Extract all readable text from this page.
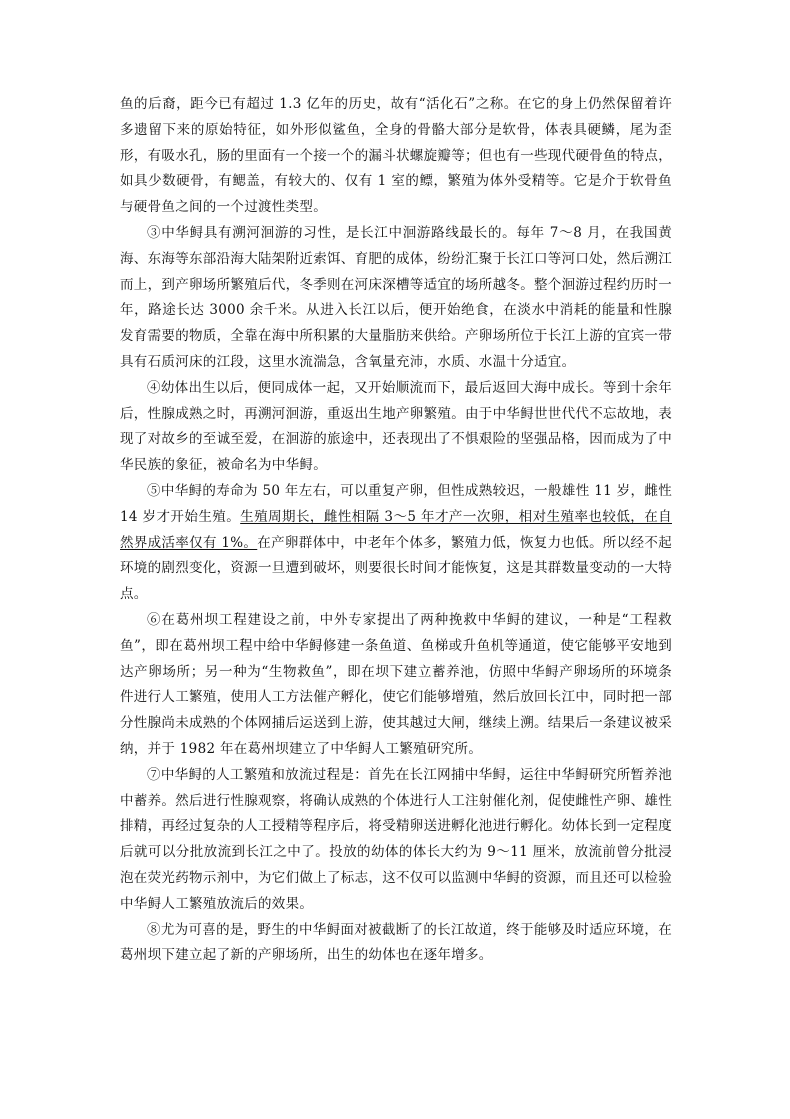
鱼的后裔，距今已有超过 1.3 亿年的历史，故有“活化石”之称。在它的身上仍然保留着许多遗留下来的原始特征，如外形似鲨鱼，全身的骨骼大部分是软骨，体表具硬鳞，尾为歪形，有吸水孔，肠的里面有一个接一个的漏斗状螺旋瓣等；但也有一些现代硬骨鱼的特点，如具少数硬骨，有鳃盖，有较大的、仅有 1 室的鳔，繁殖为体外受精等。它是介于软骨鱼与硬骨鱼之间的一个过渡性类型。

③中华鲟具有溯河洄游的习性，是长江中洄游路线最长的。每年 7～8 月，在我国黄海、东海等东部沿海大陆架附近索饵、育肥的成体，纷纷汇聚于长江口等河口处，然后溯江而上，到产卵场所繁殖后代，冬季则在河床深槽等适宜的场所越冬。整个洄游过程约历时一年，路途长达 3000 余千米。从进入长江以后，便开始绝食，在淡水中消耗的能量和性腺发育需要的物质，全靠在海中所积累的大量脂肪来供给。产卵场所位于长江上游的宜宾一带具有石质河床的江段，这里水流湍急，含氧量充沛，水质、水温十分适宜。

④幼体出生以后，便同成体一起，又开始顺流而下，最后返回大海中成长。等到十余年后，性腺成熟之时，再溯河洄游，重返出生地产卵繁殖。由于中华鲟世世代代不忘故地，表现了对故乡的至诚至爱，在洄游的旅途中，还表现出了不惧艰险的坚强品格，因而成为了中华民族的象征，被命名为中华鲟。

⑤中华鲟的寿命为 50 年左右，可以重复产卵，但性成熟较迟，一般雄性 11 岁，雌性 14 岁才开始生殖。生殖周期长，雌性相隔 3～5 年才产一次卵，相对生殖率也较低，在自然界成活率仅有 1%。在产卵群体中，中老年个体多，繁殖力低，恢复力也低。所以经不起环境的剧烈变化，资源一旦遭到破坏，则要很长时间才能恢复，这是其群数量变动的一大特点。

⑥在葛州坝工程建设之前，中外专家提出了两种挽救中华鲟的建议，一种是“工程救鱼”，即在葛州坝工程中给中华鲟修建一条鱼道、鱼梯或升鱼机等通道，使它能够平安地到达产卵场所；另一种为“生物救鱼”，即在坝下建立蓄养池，仿照中华鲟产卵场所的环境条件进行人工繁殖，使用人工方法催产孵化，使它们能够增殖，然后放回长江中，同时把一部分性腺尚未成熟的个体网捕后运送到上游，使其越过大闸，继续上溯。结果后一条建议被采纳，并于 1982 年在葛州坝建立了中华鲟人工繁殖研究所。

⑦中华鲟的人工繁殖和放流过程是：首先在长江网捕中华鲟，运往中华鲟研究所暂养池中蓄养。然后进行性腺观察，将确认成熟的个体进行人工注射催化剂，促使雌性产卵、雄性排精，再经过复杂的人工授精等程序后，将受精卵送进孵化池进行孵化。幼体长到一定程度后就可以分批放流到长江之中了。投放的幼体的体长大约为 9～11 厘米，放流前曾分批浸泡在荧光药物示剂中，为它们做上了标志，这不仅可以监测中华鲟的资源，而且还可以检验中华鲟人工繁殖放流后的效果。

⑧尤为可喜的是，野生的中华鲟面对被截断了的长江故道，终于能够及时适应环境，在葛州坝下建立起了新的产卵场所，出生的幼体也在逐年增多。
